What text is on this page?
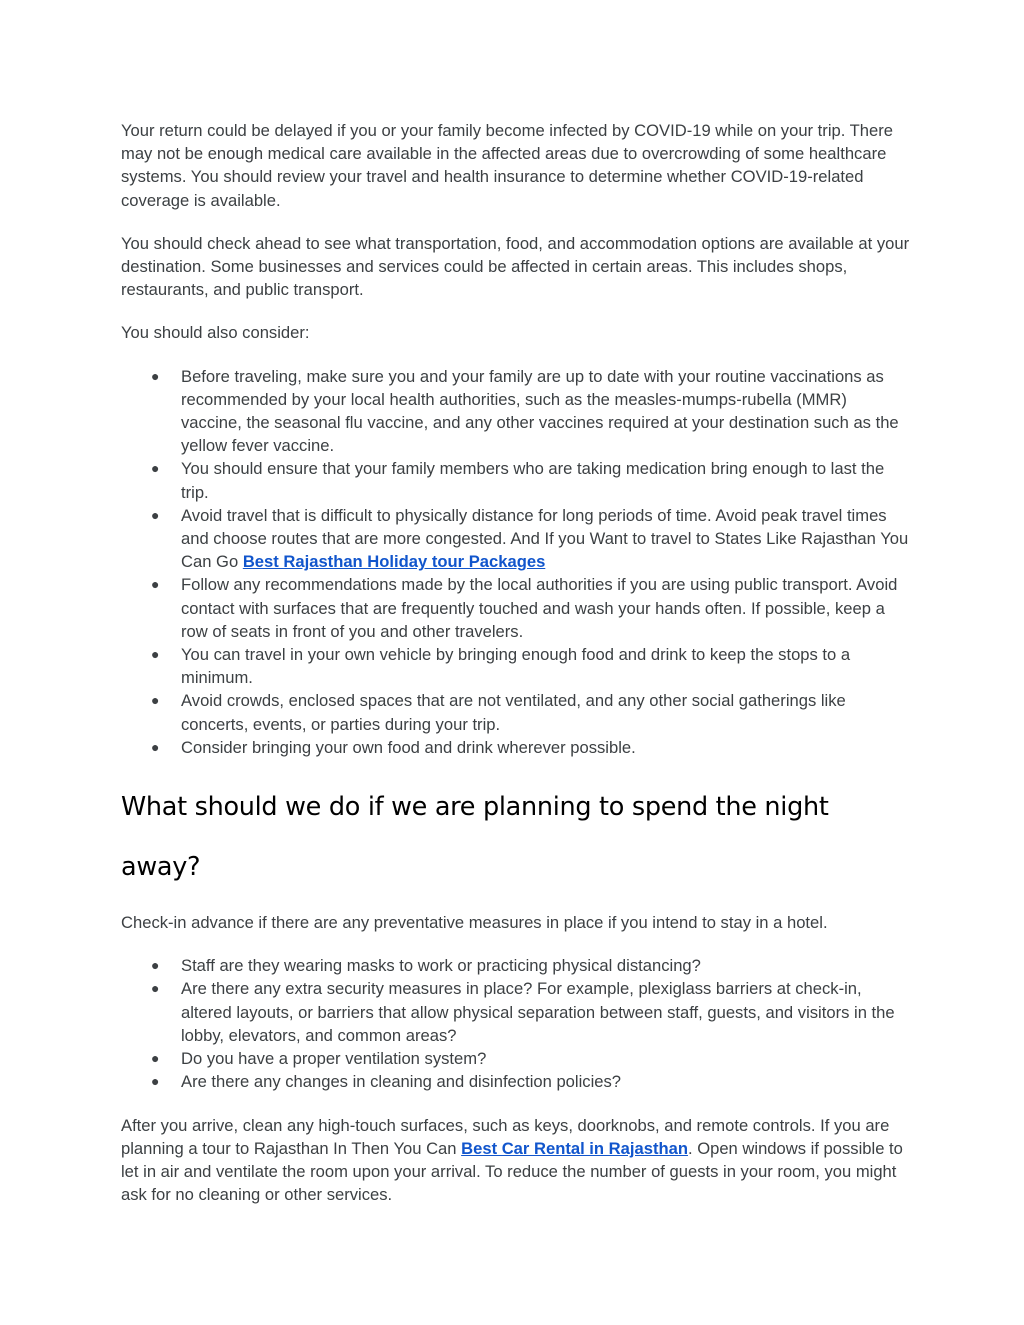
Your return could be delayed if you or your family become infected by COVID-19 while on your trip. There may not be enough medical care available in the affected areas due to overcrowding of some healthcare systems. You should review your travel and health insurance to determine whether COVID-19-related coverage is available.

You should check ahead to see what transportation, food, and accommodation options are available at your destination. Some businesses and services could be affected in certain areas. This includes shops, restaurants, and public transport.

You should also consider:

● Before traveling, make sure you and your family are up to date with your routine vaccinations as recommended by your local health authorities, such as the measles-mumps-rubella (MMR) vaccine, the seasonal flu vaccine, and any other vaccines required at your destination such as the yellow fever vaccine.
● You should ensure that your family members who are taking medication bring enough to last the trip.
● Avoid travel that is difficult to physically distance for long periods of time. Avoid peak travel times and choose routes that are more congested. And If you Want to travel to States Like Rajasthan You Can Go Best Rajasthan Holiday tour Packages
● Follow any recommendations made by the local authorities if you are using public transport. Avoid contact with surfaces that are frequently touched and wash your hands often. If possible, keep a row of seats in front of you and other travelers.
● You can travel in your own vehicle by bringing enough food and drink to keep the stops to a minimum.
● Avoid crowds, enclosed spaces that are not ventilated, and any other social gatherings like concerts, events, or parties during your trip.
● Consider bringing your own food and drink wherever possible.
What should we do if we are planning to spend the night away?

Check-in advance if there are any preventative measures in place if you intend to stay in a hotel.

● Staff are they wearing masks to work or practicing physical distancing?
● Are there any extra security measures in place? For example, plexiglass barriers at check-in, altered layouts, or barriers that allow physical separation between staff, guests, and visitors in the lobby, elevators, and common areas?
● Do you have a proper ventilation system?
● Are there any changes in cleaning and disinfection policies?

After you arrive, clean any high-touch surfaces, such as keys, doorknobs, and remote controls. If you are planning a tour to Rajasthan In Then You Can Best Car Rental in Rajasthan. Open windows if possible to let in air and ventilate the room upon your arrival. To reduce the number of guests in your room, you might ask for no cleaning or other services.
